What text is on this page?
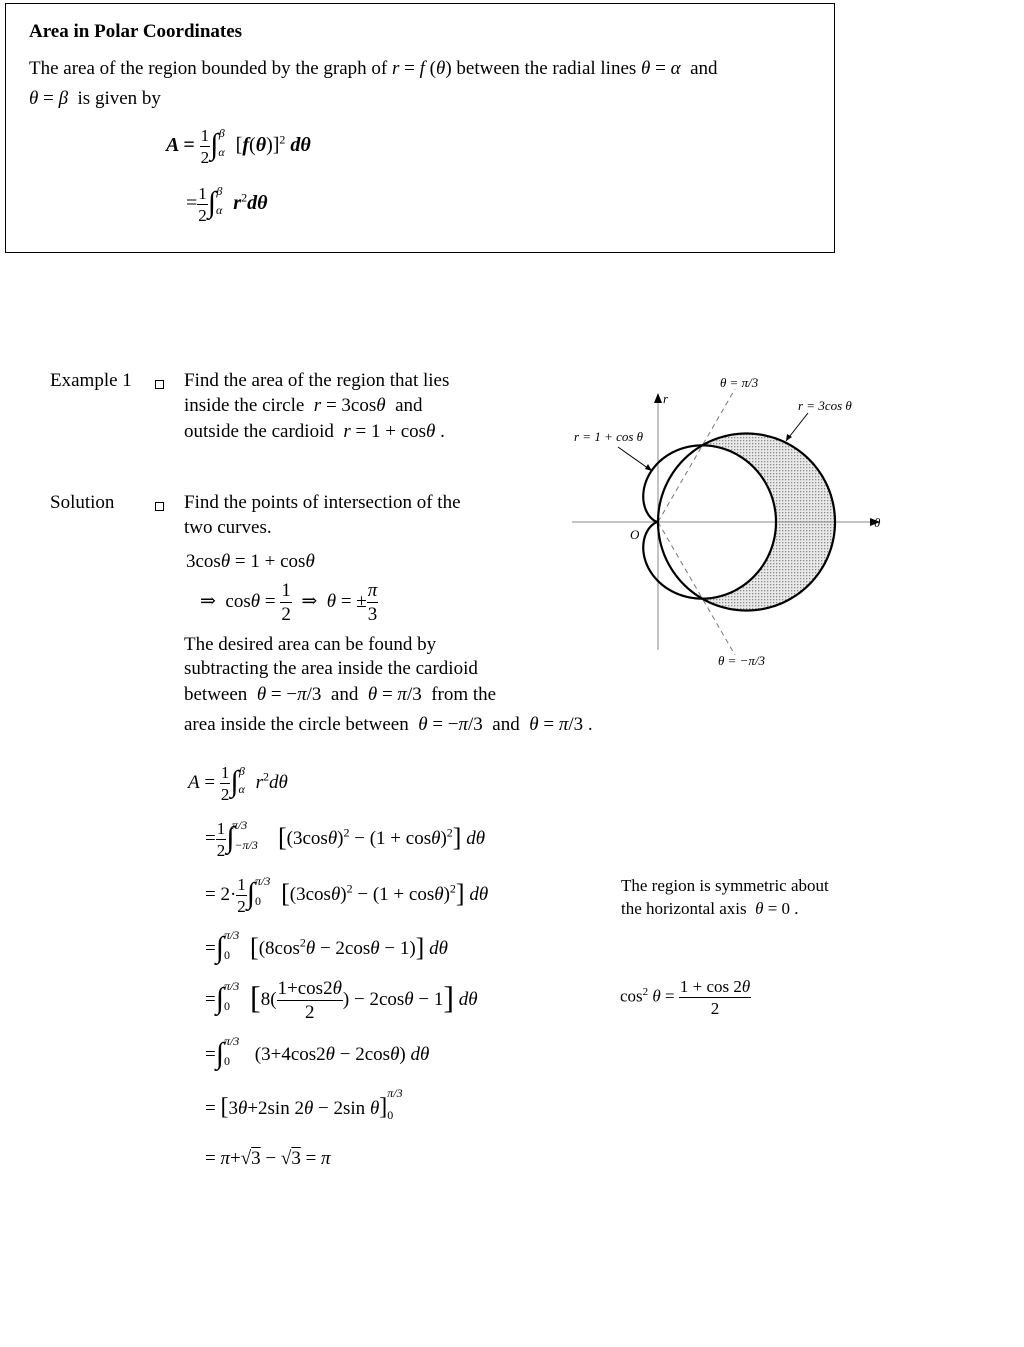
Area in Polar Coordinates
The area of the region bounded by the graph of r = f (θ) between the radial lines θ = α  and
θ = β  is given by
$A = \frac{1}{2} \int_\alpha^\beta$ $[f(\theta)]^2$ dθ
= $\frac{1}{2} \int_\alpha^\beta$ $r^2d\theta$
Example 1	Find the area of the region that lies
inside the circle  r = 3cosθ  and
outside the cardioid  r = 1 + cosθ .
Solution	Find the points of intersection of the
two curves.
3cosθ = 1 + cosθ
⇒  $\cos\theta = \frac{1}{2}$ ⇒  θ = ± $\frac{\pi}{3}$
The desired area can be found by
subtracting the area inside the cardioid
between  θ = −π/3  and  θ = π/3  from the
area inside the circle between  θ = −π/3  and  θ = π/3 .
θ = π/3
θ = −π/3
r = 3cos θ
r = 1 + cos θ
O
θ
r
$A = \frac{1}{2} \int_\alpha^\beta$ $r^2d\theta$
= $\frac{1}{2} \int_{-\pi/3}^{\pi/3}$ $[(3\cos\theta)^2 - (1 + \cos\theta)^2]$ dθ
= $2\cdot \frac{1}{2} \int_0^{\pi/3}$ $[(3\cos\theta)^2 - (1 + \cos\theta)^2]$ dθ	The region is symmetric about
the horizontal axis  θ = 0 .
$=\int_0^{\pi/3}$ $[(8\cos^2\theta - 2\cos\theta - 1)]$ dθ
$=\int_0^{\pi/3}$ [$8( \frac{1+\cos 2\theta}{2}$ ) − 2cosθ − 1] dθ	$\cos^2 \theta = \frac{1 + \cos 2\theta}{2}$
$=\int_0^{\pi/3}$  (3+4cos2θ − 2cosθ) dθ
= [3θ+2sin 2θ − 2sin $\theta]_0^{\pi/3}$
= π+√3 − √3 = π
